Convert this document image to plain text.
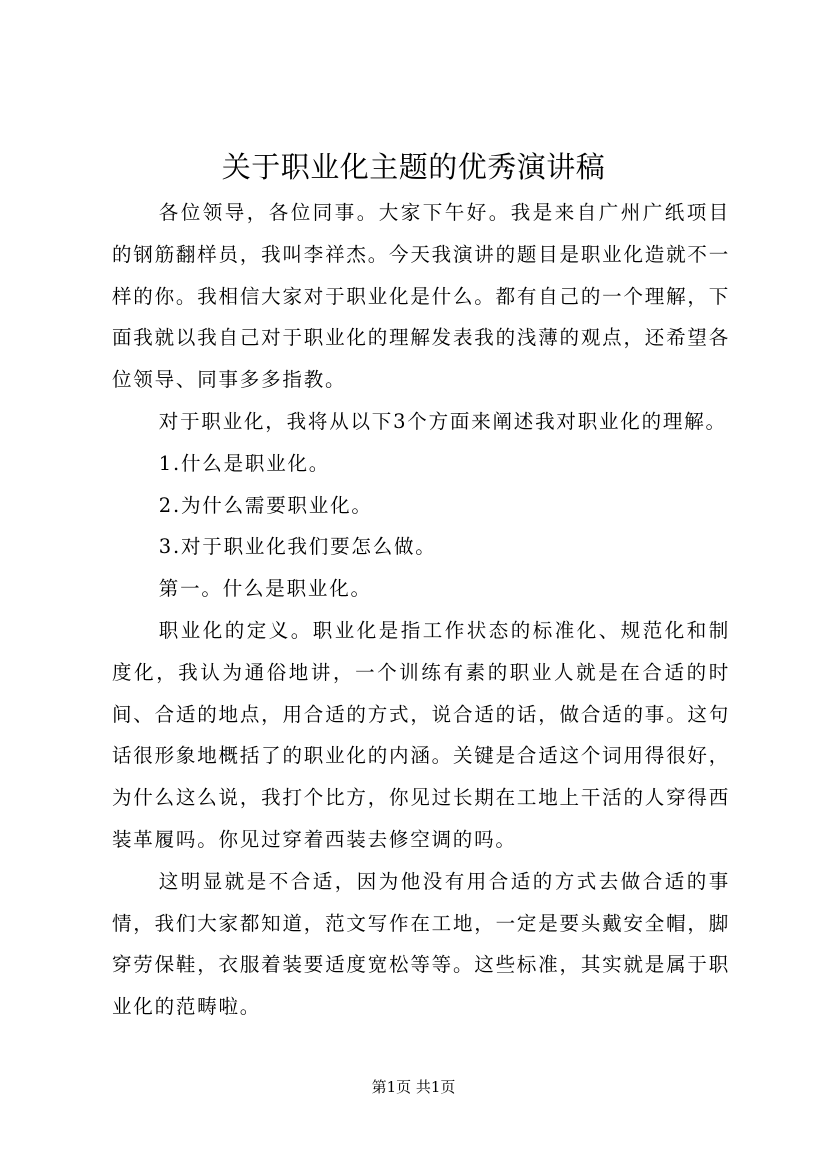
关于职业化主题的优秀演讲稿

各位领导，各位同事。大家下午好。我是来自广州广纸项目的钢筋翻样员，我叫李祥杰。今天我演讲的题目是职业化造就不一样的你。我相信大家对于职业化是什么。都有自己的一个理解，下面我就以我自己对于职业化的理解发表我的浅薄的观点，还希望各位领导、同事多多指教。

对于职业化，我将从以下3个方面来阐述我对职业化的理解。

1.什么是职业化。

2.为什么需要职业化。

3.对于职业化我们要怎么做。

第一。什么是职业化。

职业化的定义。职业化是指工作状态的标准化、规范化和制度化，我认为通俗地讲，一个训练有素的职业人就是在合适的时间、合适的地点，用合适的方式，说合适的话，做合适的事。这句话很形象地概括了的职业化的内涵。关键是合适这个词用得很好，为什么这么说，我打个比方，你见过长期在工地上干活的人穿得西装革履吗。你见过穿着西装去修空调的吗。

这明显就是不合适，因为他没有用合适的方式去做合适的事情，我们大家都知道，范文写作在工地，一定是要头戴安全帽，脚穿劳保鞋，衣服着装要适度宽松等等。这些标准，其实就是属于职业化的范畴啦。

第1页 共1页
